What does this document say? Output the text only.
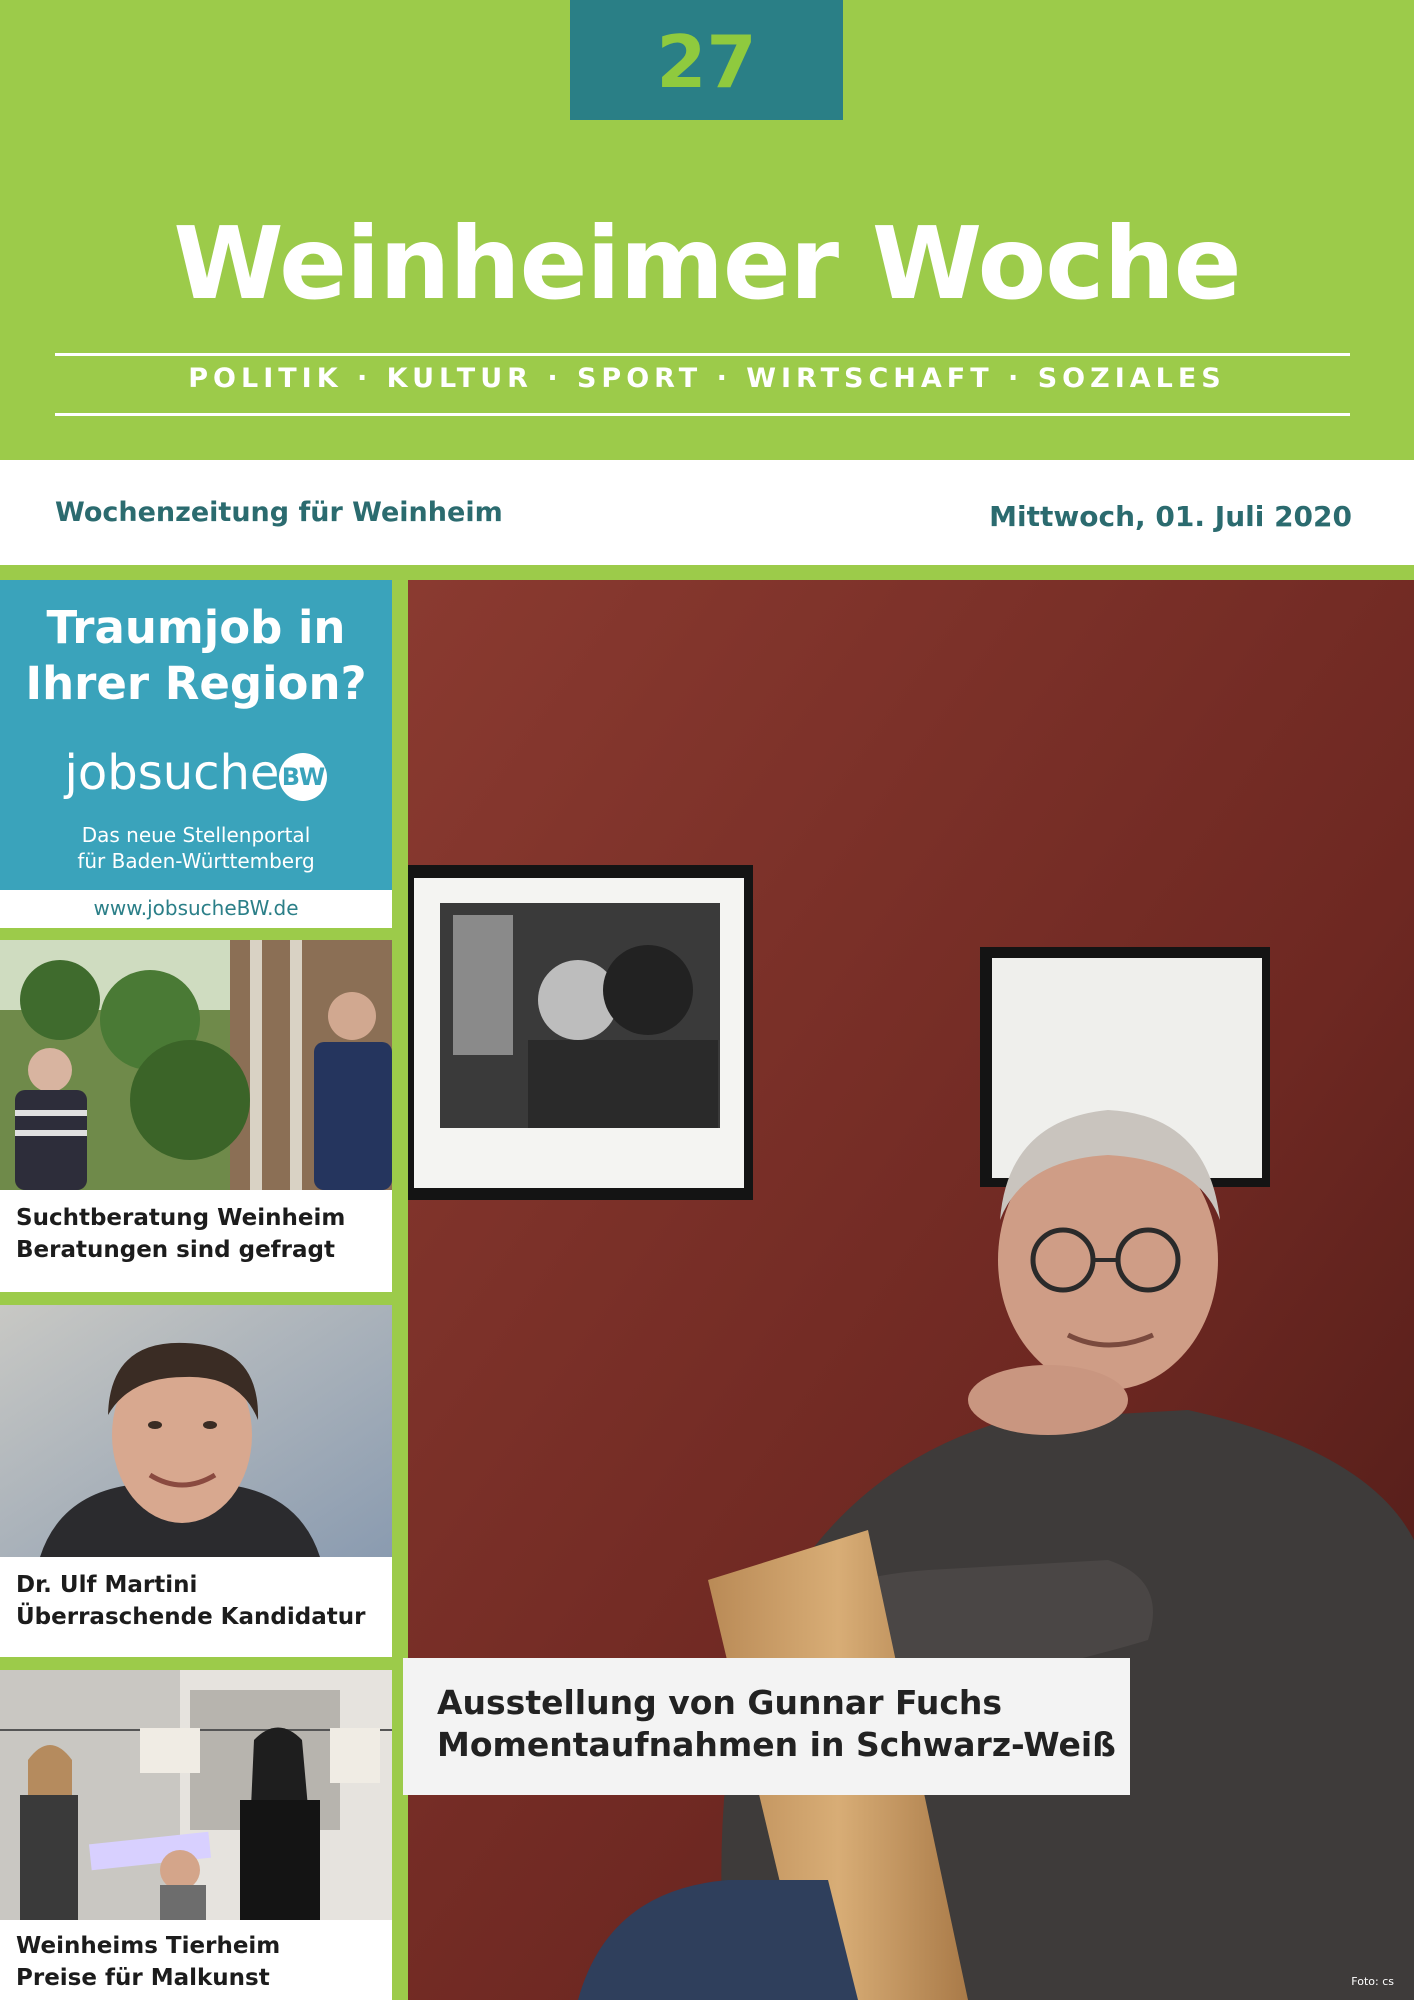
27
Weinheimer Woche
POLITIK · KULTUR · SPORT · WIRTSCHAFT · SOZIALES
Wochenzeitung für Weinheim	Mittwoch, 01. Juli 2020
Traumjob in
Ihrer Region?
jobsucheBW
Das neue Stellenportal
für Baden-Württemberg
www.jobsucheBW.de
Suchtberatung Weinheim
Beratungen sind gefragt
Dr. Ulf Martini
Überraschende Kandidatur
Weinheims Tierheim
Preise für Malkunst
Ausstellung von Gunnar Fuchs
Momentaufnahmen in Schwarz-Weiß
Foto: cs
